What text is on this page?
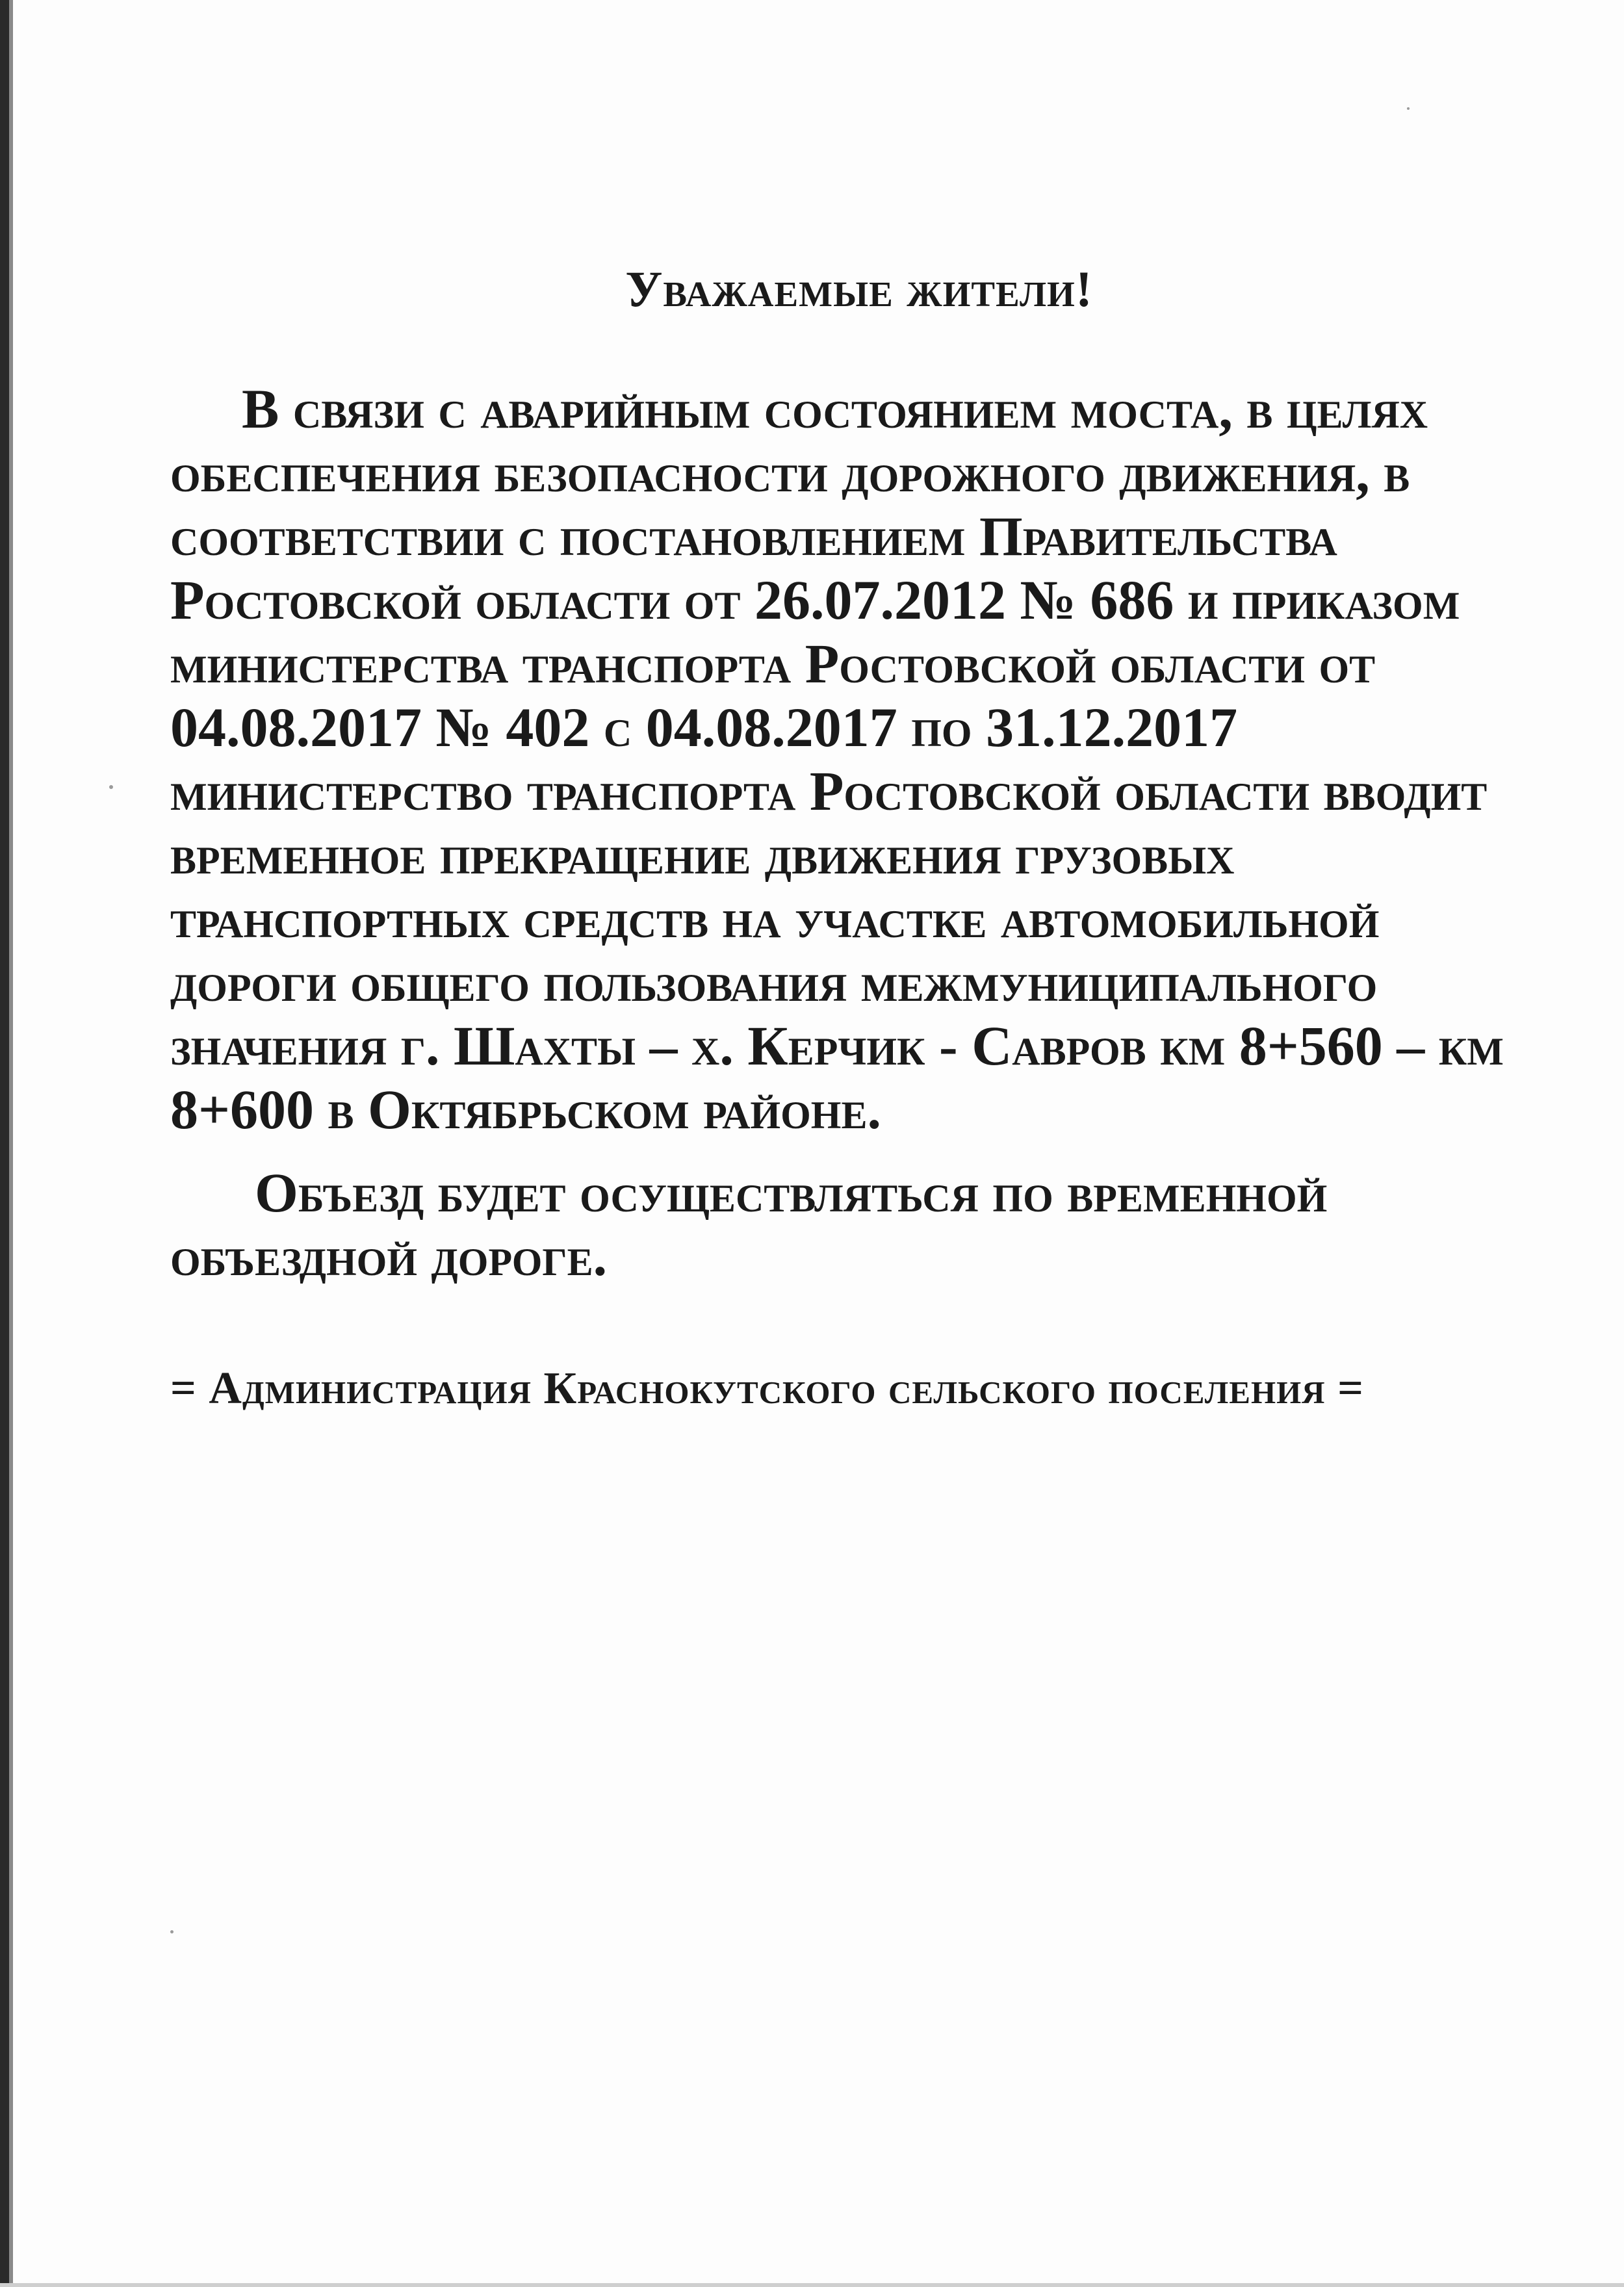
Уважаемые жители!

В связи с аварийным состоянием моста, в целях обеспечения безопасности дорожного движения, в соответствии с постановлением Правительства Ростовской области от 26.07.2012 № 686 и приказом министерства транспорта Ростовской области от 04.08.2017 № 402 с 04.08.2017 по 31.12.2017 министерство транспорта Ростовской области вводит временное прекращение движения грузовых транспортных средств на участке автомобильной дороги общего пользования межмуниципального значения г. Шахты – х. Керчик - Савров км 8+560 – км 8+600 в Октябрьском районе.

Объезд будет осуществляться по временной объездной дороге.

= Администрация Краснокутского сельского поселения =
